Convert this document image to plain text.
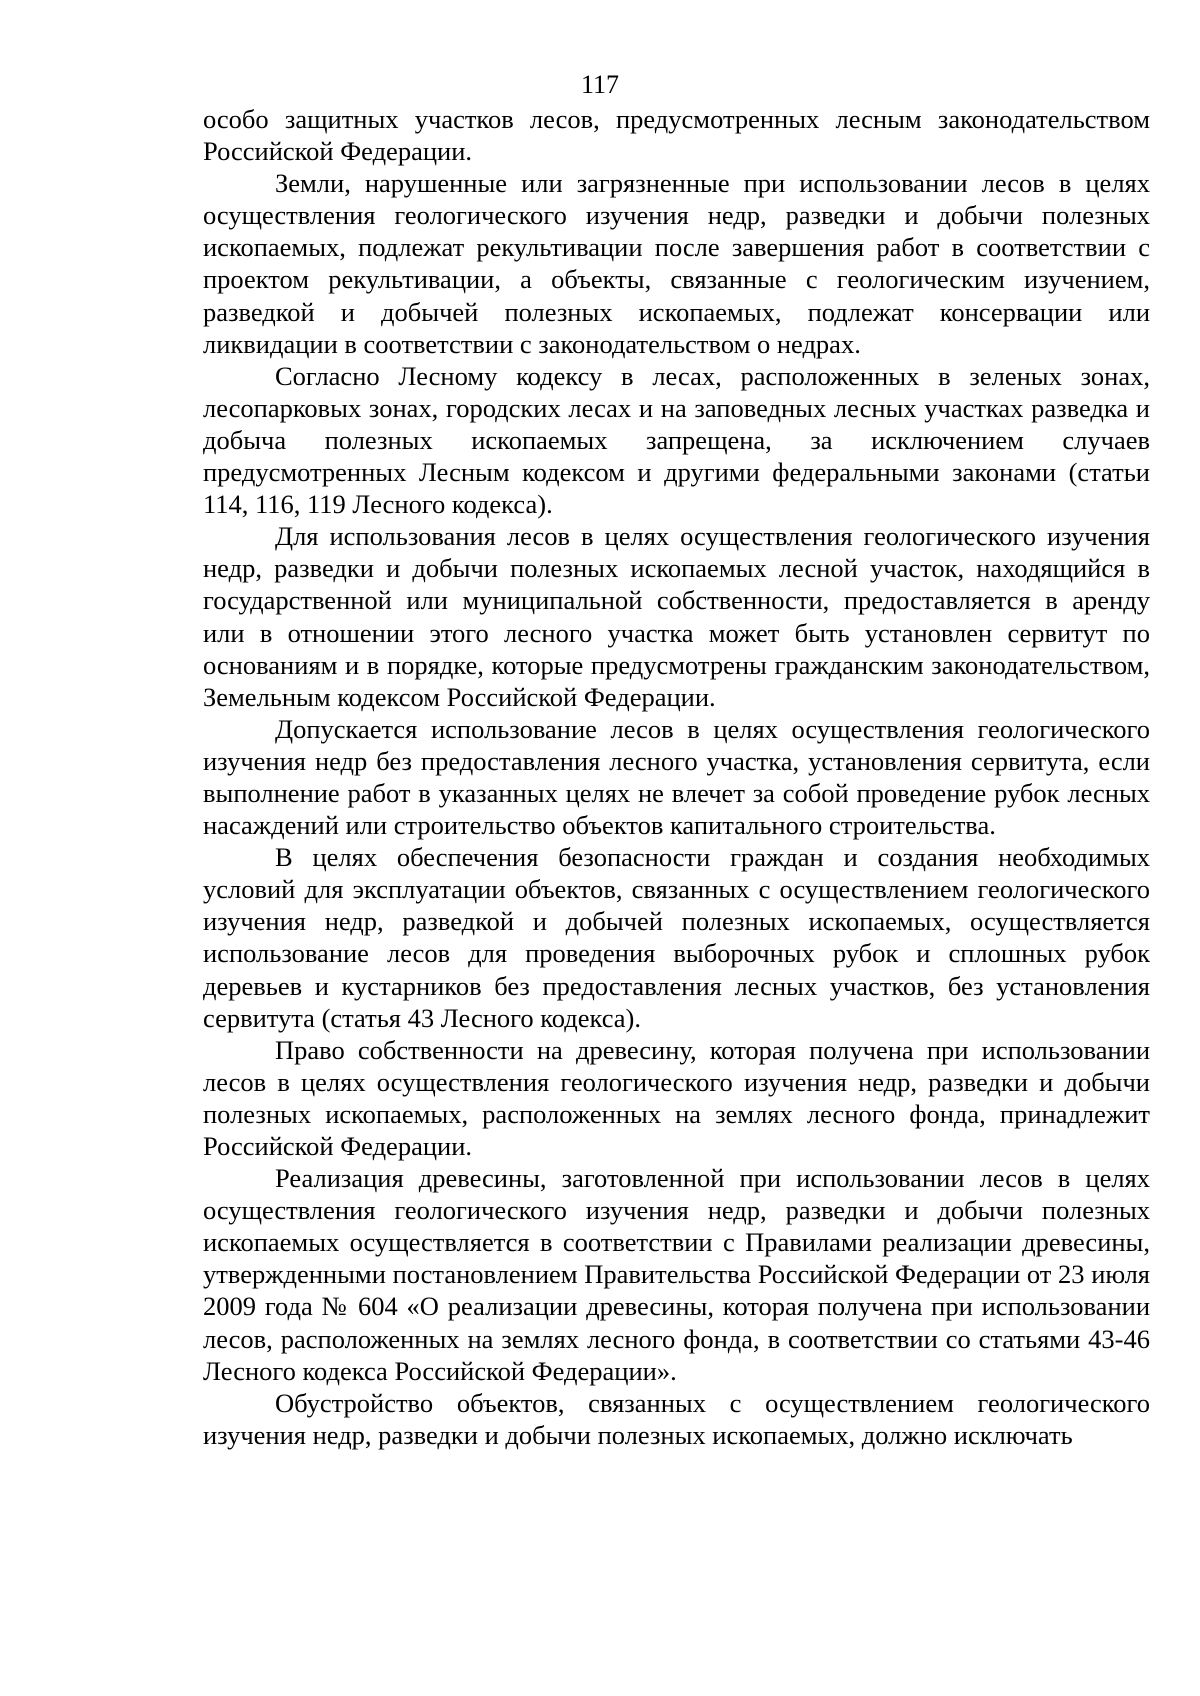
117

особо защитных участков лесов, предусмотренных лесным законодательством Российской Федерации.

Земли, нарушенные или загрязненные при использовании лесов в целях осуществления геологического изучения недр, разведки и добычи полезных ископаемых, подлежат рекультивации после завершения работ в соответствии с проектом рекультивации, а объекты, связанные с геологическим изучением, разведкой и добычей полезных ископаемых, подлежат консервации или ликвидации в соответствии с законодательством о недрах.

Согласно Лесному кодексу в лесах, расположенных в зеленых зонах, лесопарковых зонах, городских лесах и на заповедных лесных участках разведка и добыча полезных ископаемых запрещена, за исключением случаев предусмотренных Лесным кодексом и другими федеральными законами (статьи 114, 116, 119 Лесного кодекса).

Для использования лесов в целях осуществления геологического изучения недр, разведки и добычи полезных ископаемых лесной участок, находящийся в государственной или муниципальной собственности, предоставляется в аренду или в отношении этого лесного участка может быть установлен сервитут по основаниям и в порядке, которые предусмотрены гражданским законодательством, Земельным кодексом Российской Федерации.

Допускается использование лесов в целях осуществления геологического изучения недр без предоставления лесного участка, установления сервитута, если выполнение работ в указанных целях не влечет за собой проведение рубок лесных насаждений или строительство объектов капитального строительства.

В целях обеспечения безопасности граждан и создания необходимых условий для эксплуатации объектов, связанных с осуществлением геологического изучения недр, разведкой и добычей полезных ископаемых, осуществляется использование лесов для проведения выборочных рубок и сплошных рубок деревьев и кустарников без предоставления лесных участков, без установления сервитута (статья 43 Лесного кодекса).

Право собственности на древесину, которая получена при использовании лесов в целях осуществления геологического изучения недр, разведки и добычи полезных ископаемых, расположенных на землях лесного фонда, принадлежит Российской Федерации.

Реализация древесины, заготовленной при использовании лесов в целях осуществления геологического изучения недр, разведки и добычи полезных ископаемых осуществляется в соответствии с Правилами реализации древесины, утвержденными постановлением Правительства Российской Федерации от 23 июля 2009 года № 604 «О реализации древесины, которая получена при использовании лесов, расположенных на землях лесного фонда, в соответствии со статьями 43-46 Лесного кодекса Российской Федерации».

Обустройство объектов, связанных с осуществлением геологического изучения недр, разведки и добычи полезных ископаемых, должно исключать
